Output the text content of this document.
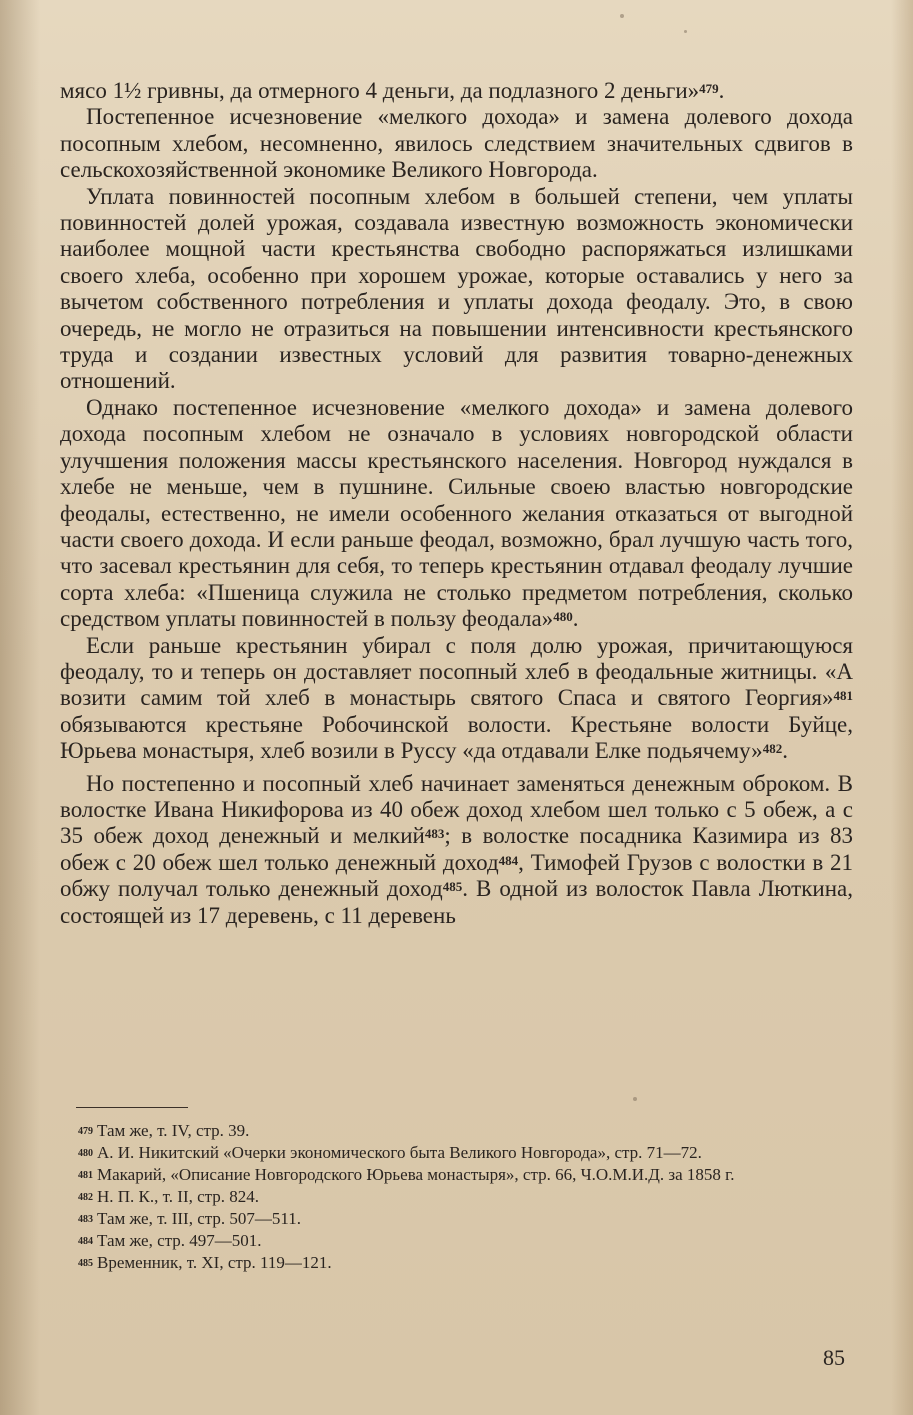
мясо 1½ гривны, да отмерного 4 деньги, да подлазного 2 деньги»$^{479}$.

Постепенное исчезновение «мелкого дохода» и замена долевого дохода посопным хлебом, несомненно, явилось следствием значительных сдвигов в сельскохозяйственной экономике Великого Новгорода.

Уплата повинностей посопным хлебом в большей степени, чем уплаты повинностей долей урожая, создавала известную возможность экономически наиболее мощной части крестьянства свободно распоряжаться излишками своего хлеба, особенно при хорошем урожае, которые оставались у него за вычетом собственного потребления и уплаты дохода феодалу. Это, в свою очередь, не могло не отразиться на повышении интенсивности крестьянского труда и создании известных условий для развития товарно-денежных отношений.

Однако постепенное исчезновение «мелкого дохода» и замена долевого дохода посопным хлебом не означало в условиях новгородской области улучшения положения массы крестьянского населения. Новгород нуждался в хлебе не меньше, чем в пушнине. Сильные своею властью новгородские феодалы, естественно, не имели особенного желания отказаться от выгодной части своего дохода. И если раньше феодал, возможно, брал лучшую часть того, что засевал крестьянин для себя, то теперь крестьянин отдавал феодалу лучшие сорта хлеба: «Пшеница служила не столько предметом потребления, сколько средством уплаты повинностей в пользу феодала»$^{480}$.

Если раньше крестьянин убирал с поля долю урожая, причитающуюся феодалу, то и теперь он доставляет посопный хлеб в феодальные житницы. «А возити самим той хлеб в монастырь святого Спаса и святого Георгия»$^{481}$ обязываются крестьяне Робочинской волости. Крестьяне волости Буйце, Юрьева монастыря, хлеб возили в Руссу «да отдавали Елке подьячему»$^{482}$.

Но постепенно и посопный хлеб начинает заменяться денежным оброком. В волостке Ивана Никифорова из 40 обеж доход хлебом шел только с 5 обеж, а с 35 обеж доход денежный и мелкий$^{483}$; в волостке посадника Казимира из 83 обеж с 20 обеж шел только денежный доход$^{484}$, Тимофей Грузов с волостки в 21 обжу получал только денежный доход$^{485}$. В одной из волосток Павла Люткина, состоящей из 17 деревень, с 11 деревень

$^{479}$ Там же, т. IV, стр. 39.

$^{480}$ А. И. Никитский «Очерки экономического быта Великого Новгорода», стр. 71—72.

$^{481}$ Макарий, «Описание Новгородского Юрьева монастыря», стр. 66, Ч.О.М.И.Д. за 1858 г.

$^{482}$ Н. П. К., т. II, стр. 824.

$^{483}$ Там же, т. III, стр. 507—511.

$^{484}$ Там же, стр. 497—501.

$^{485}$ Временник, т. XI, стр. 119—121.

85
